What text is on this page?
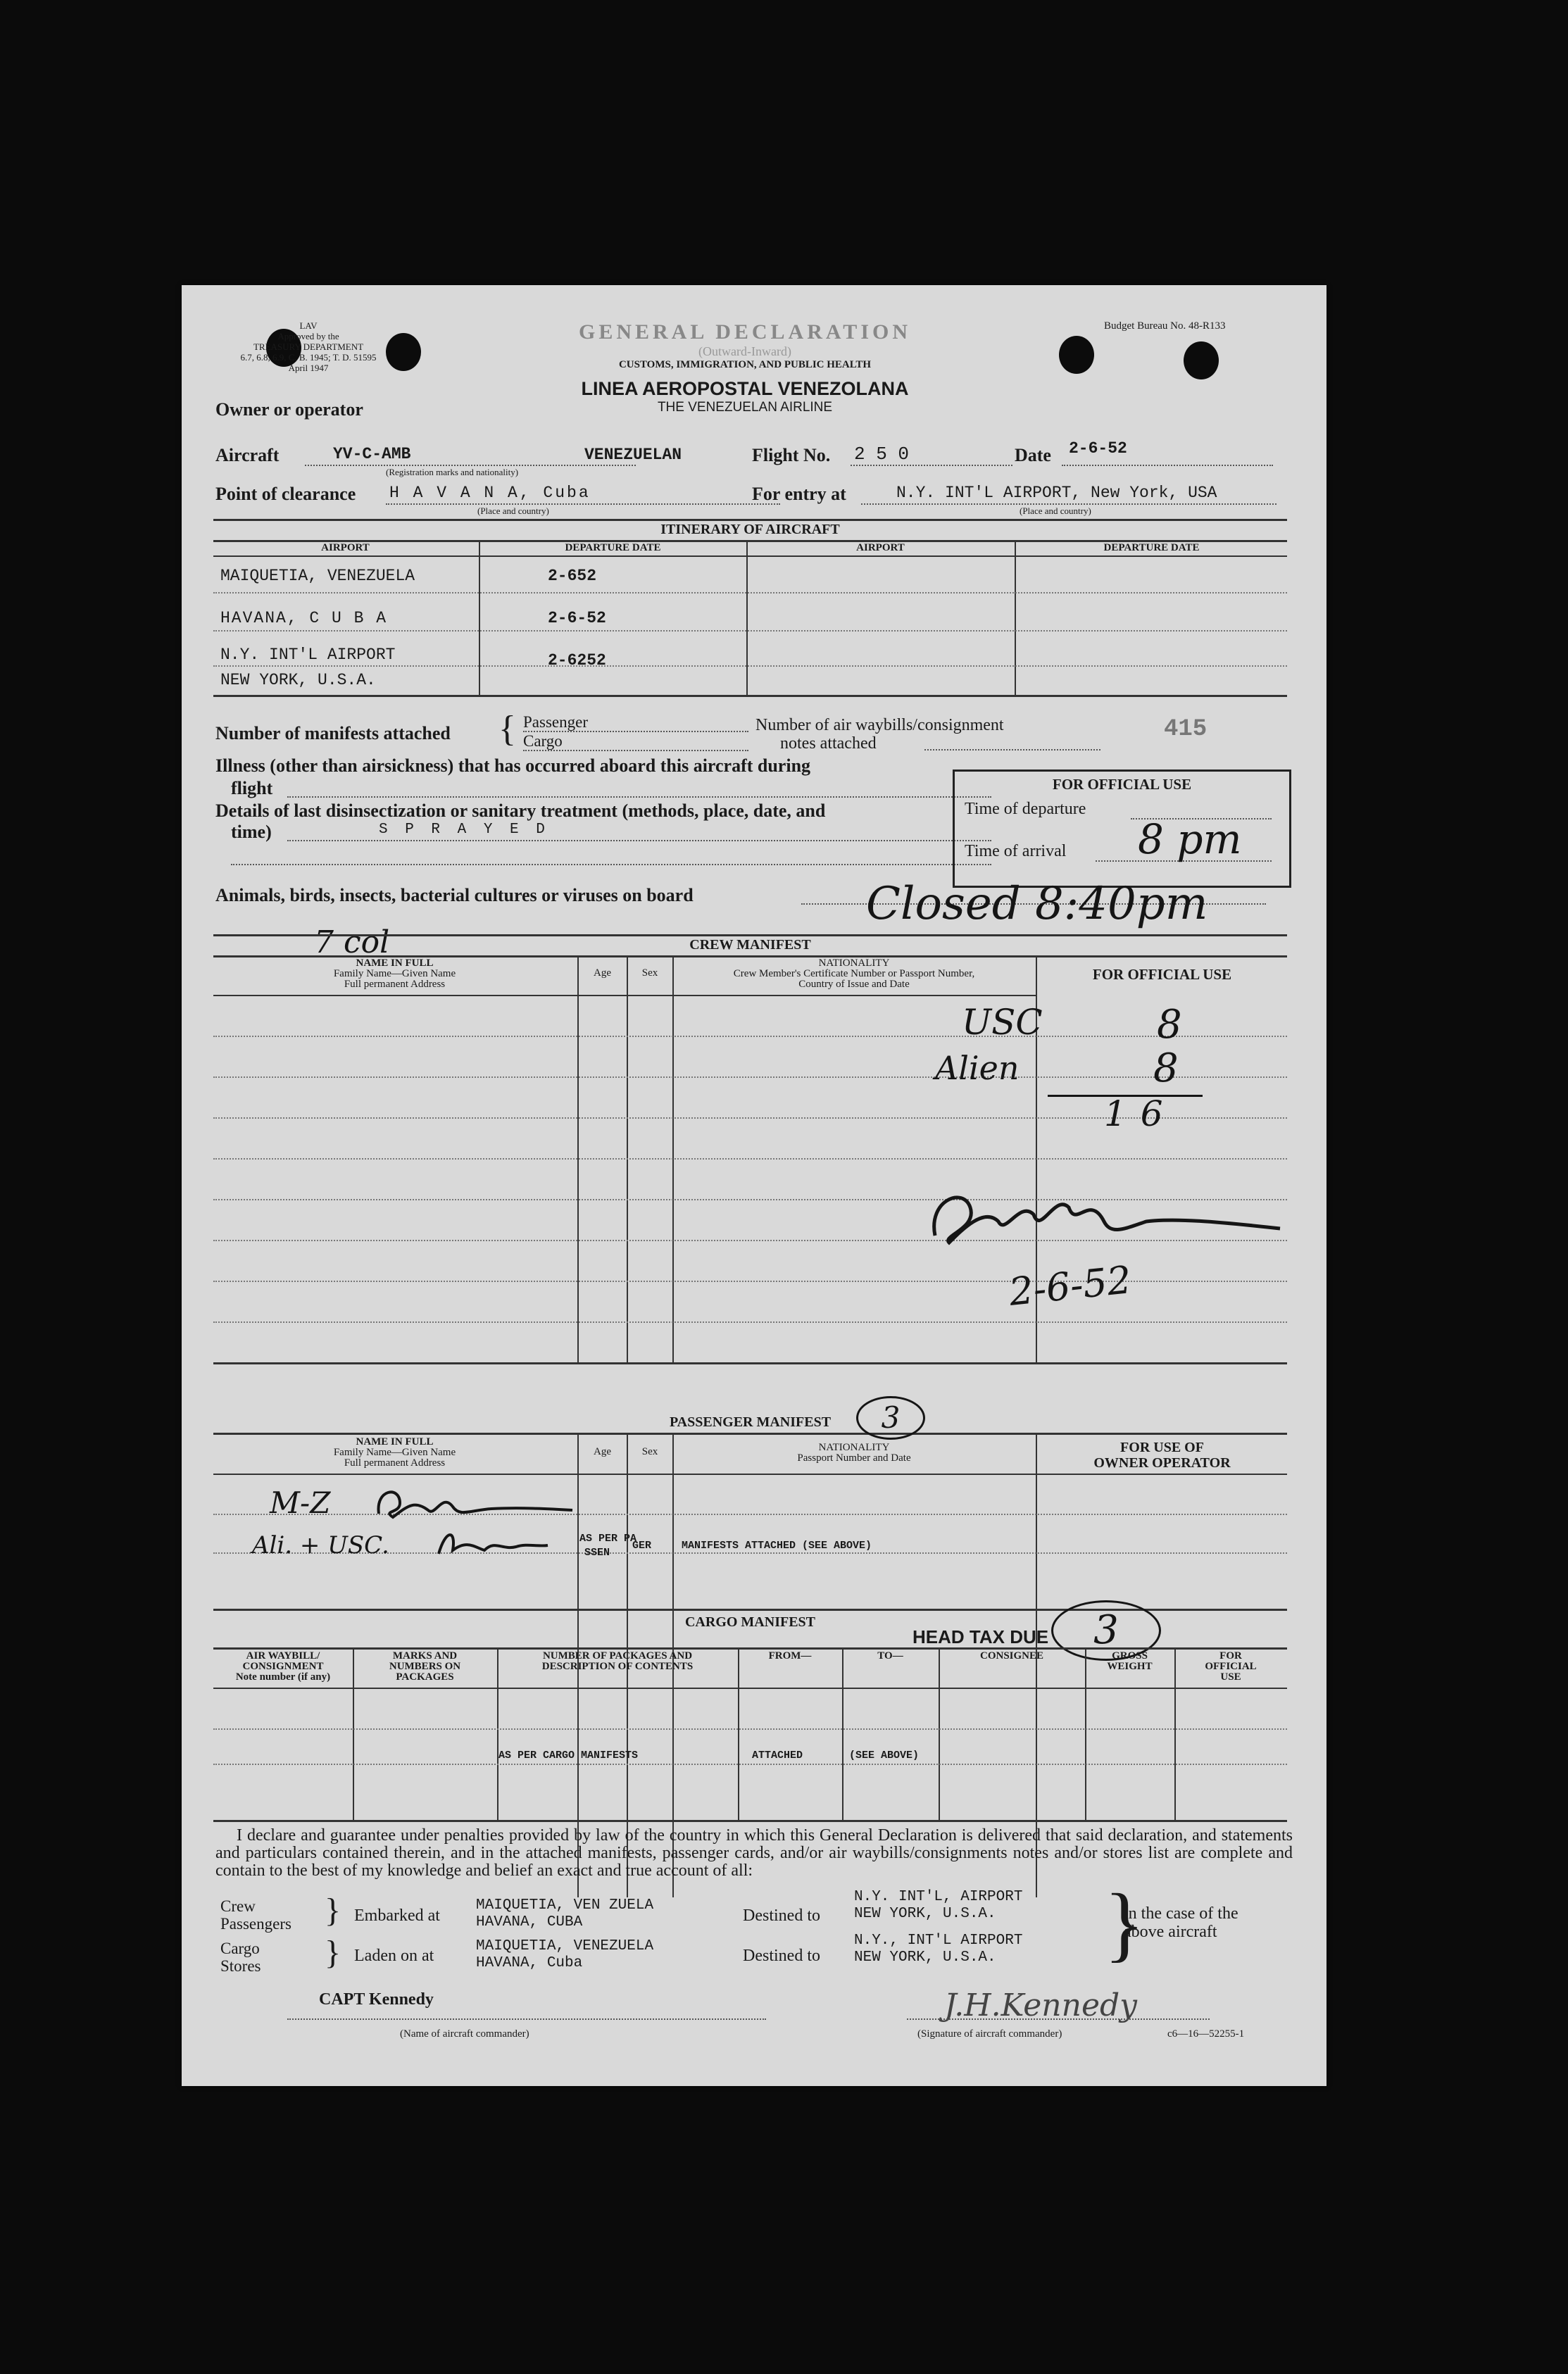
LAV
Approved by the
TREASURY DEPARTMENT
6.7, 6.8, 6.9, C. B. 1945; T. D. 51595
April 1947
GENERAL DECLARATION
(Outward-Inward)
CUSTOMS, IMMIGRATION, AND PUBLIC HEALTH
LINEA AEROPOSTAL VENEZOLANA
THE VENEZUELAN AIRLINE
Budget Bureau No. 48-R133
Owner or operator
Aircraft	YV-C-AMB
(Registration marks and nationality)
VENEZUELAN	Flight No. 2 5 0	Date 2-6-52
Point of clearance H A V A N A, Cuba
(Place and country)
For entry at	N.Y. INT'L AIRPORT, New York, USA
(Place and country)
ITINERARY OF AIRCRAFT
AIRPORT	DEPARTURE DATE	AIRPORT	DEPARTURE DATE
MAIQUETIA, VENEZUELA	2-652
HAVANA, C U B A	2-6-52
N.Y. INT'L AIRPORT	2-6252
NEW YORK, U.S.A.
Number of manifests attached { Passenger
Cargo
Number of air waybills/consignment
notes attached
415
Illness (other than airsickness) that has occurred aboard this aircraft during
flight
Details of last disinsectization or sanitary treatment (methods, place, date, and
time)	S P R A Y E D
Animals, birds, insects, bacterial cultures or viruses on board
FOR OFFICIAL USE
Time of departure
Time of arrival 8 pm
Closed 8:40pm
7 col	CREW MANIFEST
NAME IN FULL
Family Name—Given Name
Full permanent Address
Age	Sex
NATIONALITY
Crew Member's Certificate Number or Passport Number,
Country of Issue and Date
FOR OFFICIAL USE
USC	8
Alien	8
16
2-6-52
PASSENGER MANIFEST	3
NAME IN FULL
Family Name—Given Name
Full permanent Address
Age	Sex	NATIONALITY
Passport Number and Date
FOR USE OF
OWNER OPERATOR
M-Z
Ali. + USC.	AS PER PA
SSEN
GER	MANIFESTS ATTACHED (SEE ABOVE)
CARGO MANIFEST
HEAD TAX DUE	3
AIR WAYBILL/
CONSIGNMENT
Note number (if any)
MARKS AND
NUMBERS ON
PACKAGES
NUMBER OF PACKAGES AND
DESCRIPTION OF CONTENTS
FROM—	TO—	CONSIGNEE	GROSS
WEIGHT
FOR
OFFICIAL
USE
AS PER CARGO MANIFESTS	ATTACHED	(SEE ABOVE)
I declare and guarantee under penalties provided by law of the country in which this General Declaration is delivered that said declaration, and statements and particulars contained therein, and in the attached manifests, passenger cards, and/or air waybills/consignments notes and/or stores list are complete and contain to the best of my knowledge and belief an exact and true account of all:
Crew
Passengers } Embarked at
MAIQUETIA, VEN ZUELA
HAVANA, CUBA	Destined to
N.Y. INT'L, AIRPORT
NEW YORK, U.S.A.
Cargo
Stores } Laden on at
MAIQUETIA, VENEZUELA
HAVANA, Cuba	Destined to
N.Y., INT'L AIRPORT
NEW YORK, U.S.A.	}
in the case of the
above aircraft
CAPT Kennedy
(Name of aircraft commander)
J.H.Kennedy
(Signature of aircraft commander)	c6—16—52255-1
